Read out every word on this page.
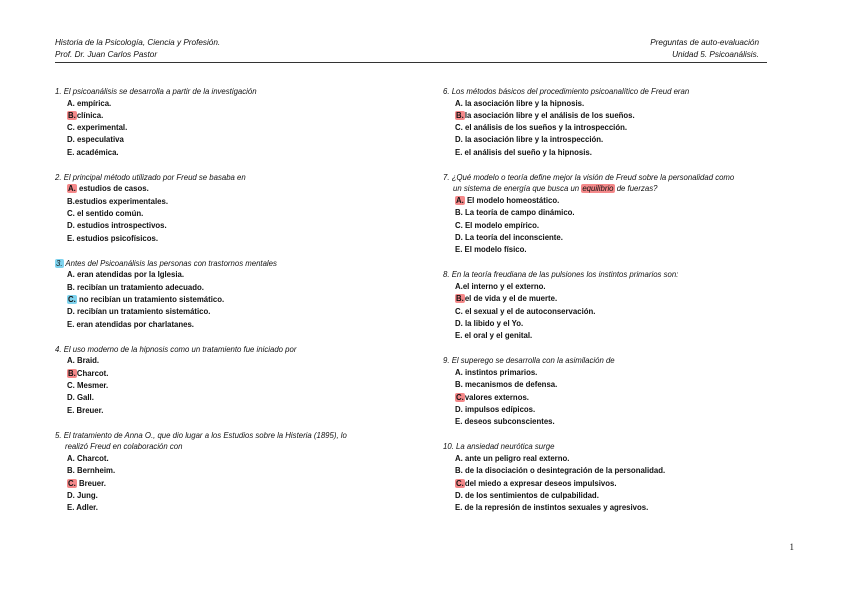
Historia de la Psicología, Ciencia y Profesión.
Prof. Dr. Juan Carlos Pastor
Preguntas de auto-evaluación
Unidad 5. Psicoanálisis.
1. El psicoanálisis se desarrolla a partir de la investigación
A. empírica.
B.clínica.
C. experimental.
D. especulativa
E. académica.
2. El principal método utilizado por Freud se basaba en
A. estudios de casos.
B.estudios experimentales.
C. el sentido común.
D. estudios introspectivos.
E. estudios psicofísicos.
3. Antes del Psicoanálisis las personas con trastornos mentales
A. eran atendidas por la Iglesia.
B. recibían un tratamiento adecuado.
C. no recibían un tratamiento sistemático.
D. recibían un tratamiento sistemático.
E. eran atendidas por charlatanes.
4. El uso moderno de la hipnosis como un tratamiento fue iniciado por
A. Braid.
B.Charcot.
C. Mesmer.
D. Gall.
E. Breuer.
5. El tratamiento de Anna O., que dio lugar a los Estudios sobre la Histeria (1895), lo
realizó Freud en colaboración con
A. Charcot.
B. Bernheim.
C. Breuer.
D. Jung.
E. Adler.
6. Los métodos básicos del procedimiento psicoanalítico de Freud eran
A. la asociación libre y la hipnosis.
B.la asociación libre y el análisis de los sueños.
C. el análisis de los sueños y la introspección.
D. la asociación libre y la introspección.
E. el análisis del sueño y la hipnosis.
7. ¿Qué modelo o teoría define mejor la visión de Freud sobre la personalidad como
un sistema de energía que busca un equilibrio de fuerzas?
A. El modelo homeostático.
B. La teoría de campo dinámico.
C. El modelo empírico.
D. La teoría del inconsciente.
E. El modelo físico.
8. En la teoría freudiana de las pulsiones los instintos primarios son:
A.el interno y el externo.
B.el de vida y el de muerte.
C. el sexual y el de autoconservación.
D. la libido y el Yo.
E. el oral y el genital.
9. El superego se desarrolla con la asimilación de
A. instintos primarios.
B. mecanismos de defensa.
C.valores externos.
D. impulsos edípicos.
E. deseos subconscientes.
10. La ansiedad neurótica surge
A. ante un peligro real externo.
B. de la disociación o desintegración de la personalidad.
C.del miedo a expresar deseos impulsivos.
D. de los sentimientos de culpabilidad.
E. de la represión de instintos sexuales y agresivos.
1
